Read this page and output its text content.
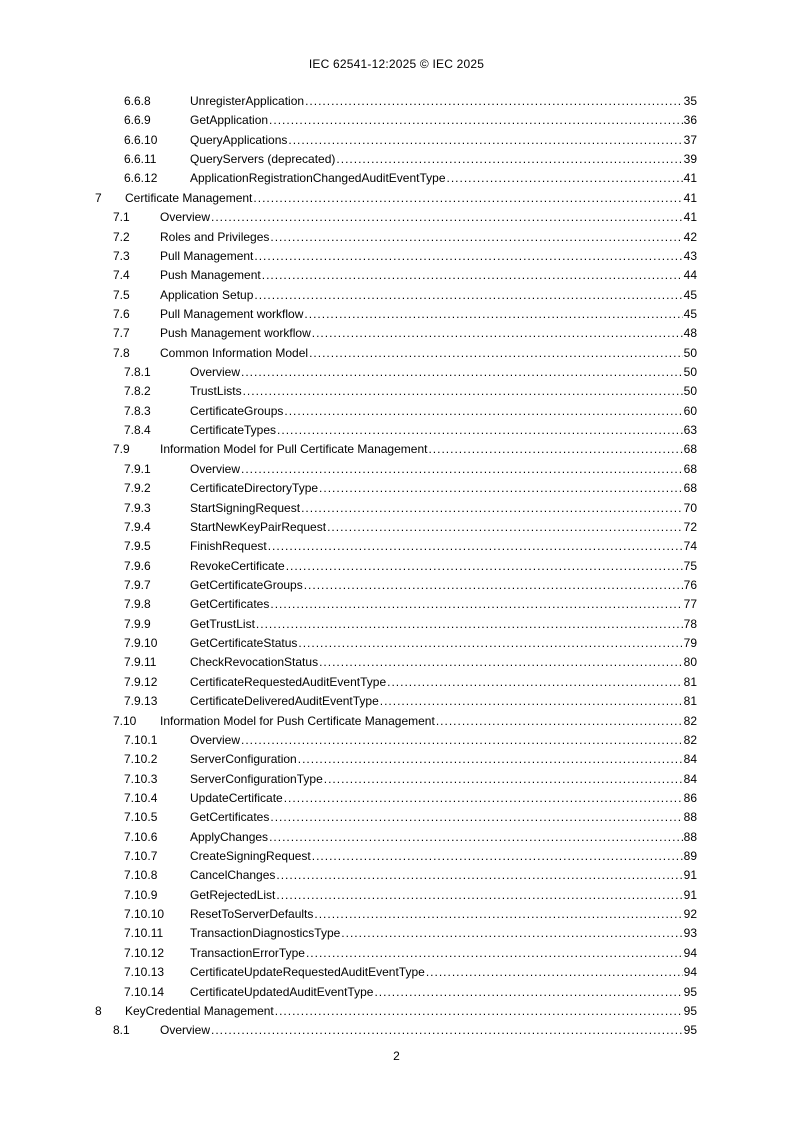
IEC 62541-12:2025 © IEC 2025
6.6.8	UnregisterApplication .....	35
6.6.9	GetApplication .....	36
6.6.10	QueryApplications .....	37
6.6.11	QueryServers (deprecated) .....	39
6.6.12	ApplicationRegistrationChangedAuditEventType .....	41
7 Certificate Management .....	41
7.1	Overview .....	41
7.2	Roles and Privileges .....	42
7.3	Pull Management .....	43
7.4	Push Management .....	44
7.5	Application Setup .....	45
7.6	Pull Management workflow .....	45
7.7	Push Management workflow .....	48
7.8	Common Information Model .....	50
7.8.1	Overview .....	50
7.8.2	TrustLists .....	50
7.8.3	CertificateGroups .....	60
7.8.4	CertificateTypes .....	63
7.9	Information Model for Pull Certificate Management .....	68
7.9.1	Overview .....	68
7.9.2	CertificateDirectoryType .....	68
7.9.3	StartSigningRequest .....	70
7.9.4	StartNewKeyPairRequest .....	72
7.9.5	FinishRequest .....	74
7.9.6	RevokeCertificate .....	75
7.9.7	GetCertificateGroups .....	76
7.9.8	GetCertificates .....	77
7.9.9	GetTrustList .....	78
7.9.10	GetCertificateStatus .....	79
7.9.11	CheckRevocationStatus .....	80
7.9.12	CertificateRequestedAuditEventType .....	81
7.9.13	CertificateDeliveredAuditEventType .....	81
7.10 Information Model for Push Certificate Management .....	82
7.10.1	Overview .....	82
7.10.2	ServerConfiguration .....	84
7.10.3	ServerConfigurationType .....	84
7.10.4	UpdateCertificate .....	86
7.10.5	GetCertificates .....	88
7.10.6	ApplyChanges .....	88
7.10.7	CreateSigningRequest .....	89
7.10.8	CancelChanges .....	91
7.10.9	GetRejectedList .....	91
7.10.10 ResetToServerDefaults .....	92
7.10.11 TransactionDiagnosticsType .....	93
7.10.12 TransactionErrorType .....	94
7.10.13 CertificateUpdateRequestedAuditEventType .....	94
7.10.14 CertificateUpdatedAuditEventType .....	95
8 KeyCredential Management .....	95
8.1	Overview .....	95
2
